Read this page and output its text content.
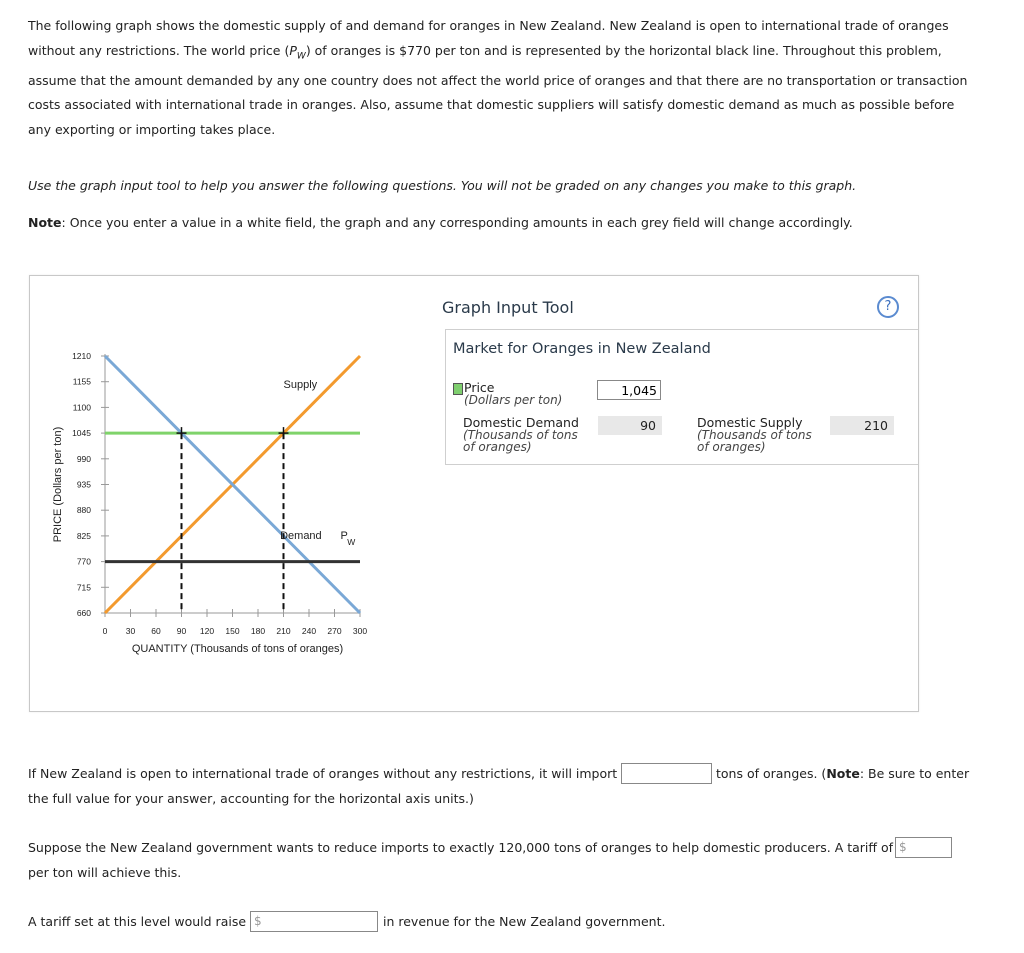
The following graph shows the domestic supply of and demand for oranges in New Zealand. New Zealand is open to international trade of oranges without any restrictions. The world price $(P_W)$ of oranges is $770 per ton and is represented by the horizontal black line. Throughout this problem, assume that the amount demanded by any one country does not affect the world price of oranges and that there are no transportation or transaction costs associated with international trade in oranges. Also, assume that domestic suppliers will satisfy domestic demand as much as possible before any exporting or importing takes place.

Use the graph input tool to help you answer the following questions. You will not be graded on any changes you make to this graph.

Note: Once you enter a value in a white field, the graph and any corresponding amounts in each grey field will change accordingly.

660
715
770
825
880
935
990
1045
1100
1155
1210
0 30 60 90 120 150 180 210 240 270 300
QUANTITY (Thousands of tons of oranges)
PRICE (Dollars per ton)
Supply
Demand P
W
Graph Input Tool	?
Market for Oranges in New Zealand
Price
(Dollars per ton)
1,045
Domestic Demand
(Thousands of tons
of oranges)
90	Domestic Supply
(Thousands of tons
of oranges)
210

If New Zealand is open to international trade of oranges without any restrictions, it will import	tons of oranges. (Note: Be sure to enter

the full value for your answer, accounting for the horizontal axis units.)

Suppose the New Zealand government wants to reduce imports to exactly 120,000 tons of oranges to help domestic producers. A tariff of $

per ton will achieve this.

A tariff set at this level would raise $	in revenue for the New Zealand government.
